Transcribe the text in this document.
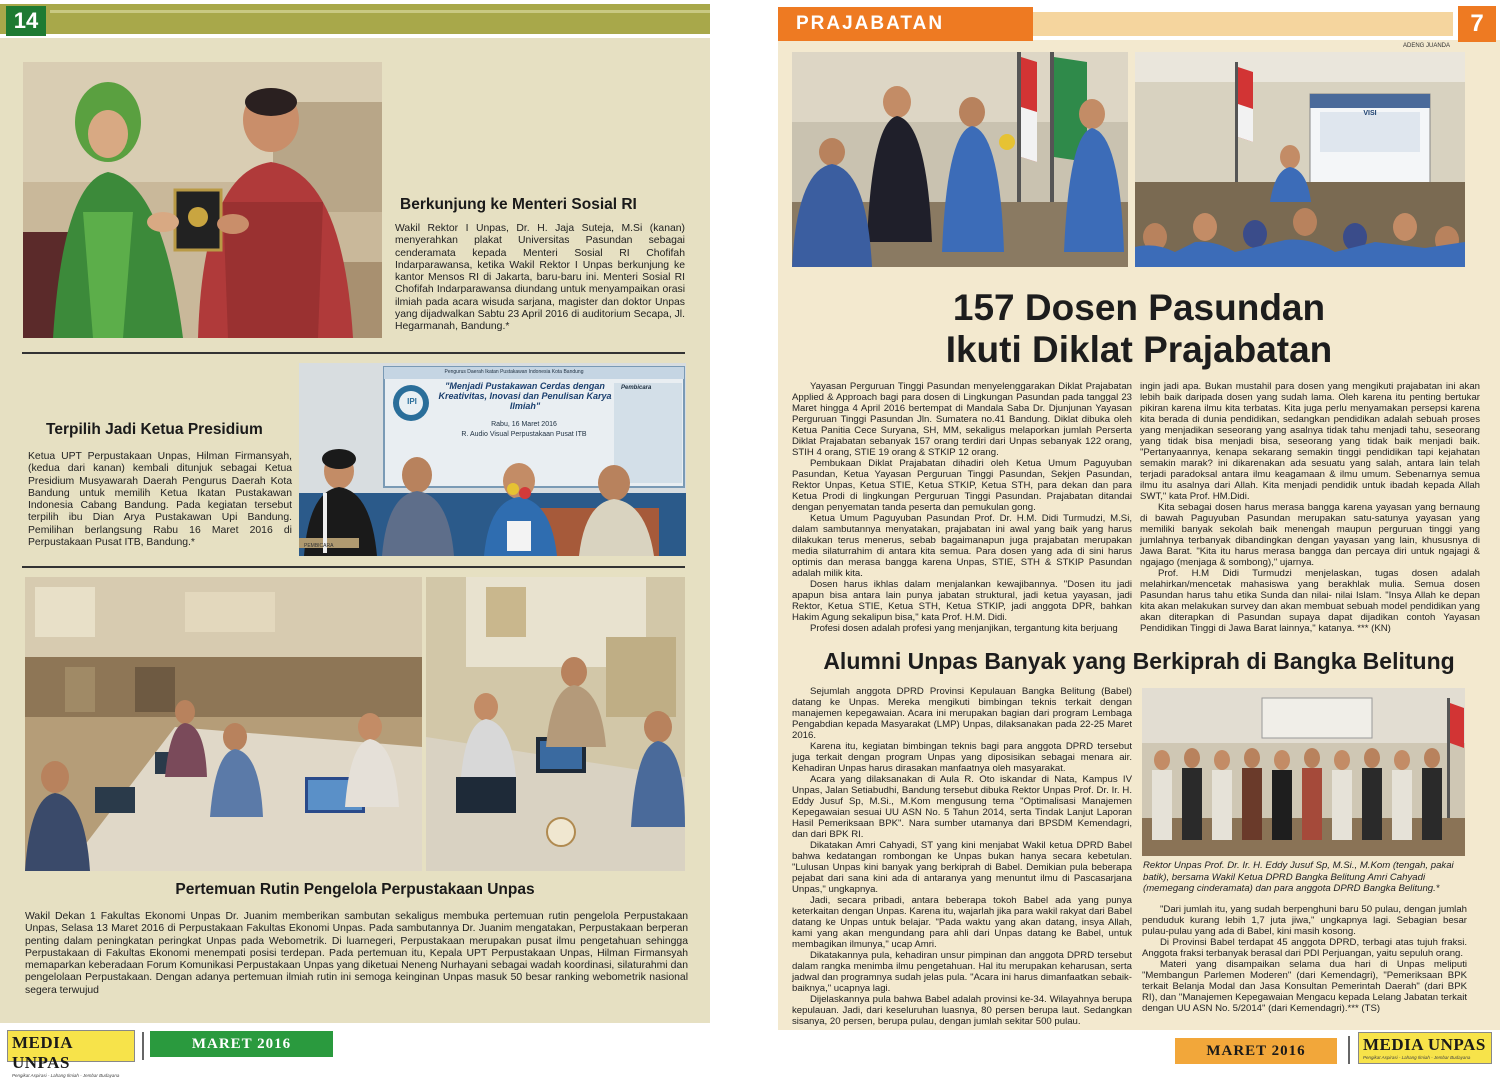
14
Berkunjung ke Menteri Sosial RI
Wakil Rektor I Unpas, Dr. H. Jaja Suteja, M.Si (kanan) menyerahkan plakat Universitas Pasundan sebagai cenderamata kepada Menteri Sosial RI Chofifah Indarparawansa, ketika Wakil Rektor I Unpas berkunjung ke kantor Mensos RI di Jakarta, baru-baru ini. Menteri Sosial RI Chofifah Indarparawansa diundang untuk menyampaikan orasi ilmiah pada acara wisuda sarjana, magister dan doktor Unpas yang dijadwalkan Sabtu 23 April 2016 di auditorium Secapa, Jl. Hegarmanah, Bandung.*
Terpilih Jadi Ketua Presidium
Ketua UPT Perpustakaan Unpas, Hilman Firmansyah, (kedua dari kanan) kembali ditunjuk sebagai Ketua Presidium Musyawarah Daerah Pengurus Daerah Kota Bandung untuk memilih Ketua Ikatan Pustakawan Indonesia Cabang Bandung. Pada kegiatan tersebut terpilih ibu Dian Arya Pustakawan Upi Bandung. Pemilihan berlangsung Rabu 16 Maret 2016 di Perpustakaan Pusat ITB, Bandung.*
Pengurus Daerah Ikatan Pustakawan Indonesia Kota Bandung
IPI
"Menjadi Pustakawan Cerdas dengan Kreativitas, Inovasi dan Penulisan Karya Ilmiah"
Rabu, 16 Maret 2016
R. Audio Visual Perpustakaan Pusat ITB
Pembicara
PEMBICARA
Pertemuan Rutin Pengelola Perpustakaan Unpas
Wakil Dekan 1 Fakultas Ekonomi Unpas Dr. Juanim memberikan sambutan sekaligus membuka pertemuan rutin pengelola Perpustakaan Unpas, Selasa 13 Maret 2016 di Perpustakaan Fakultas Ekonomi Unpas. Pada sambutannya Dr. Juanim mengatakan, Perpustakaan berperan penting dalam peningkatan peringkat Unpas pada Webometrik. Di luarnegeri, Perpustakaan merupakan pusat ilmu pengetahuan sehingga Perpustakaan di Fakultas Ekonomi menempati posisi terdepan. Pada pertemuan itu, Kepala UPT Perpustakaan Unpas, Hilman Firmansyah memaparkan keberadaan Forum Komunikasi Perpustakaan Unpas yang diketuai Neneng Nurhayani sebagai wadah koordinasi, silaturahmi dan pengelolaan Perpustakaan. Dengan adanya pertemuan ilmiah rutin ini semoga keinginan Unpas masuk 50 besar ranking webometrik nasional segera terwujud
MEDIA UNPAS
Pengikat Aspirasi - Lahang Ilmiah - Jembar Budayana
MARET 2016
PRAJABATAN	7
ADENG JUANDA
VISI
157 Dosen Pasundan
Ikuti Diklat Prajabatan

Yayasan Perguruan Tinggi Pasundan menyelenggarakan Diklat Prajabatan Applied & Approach bagi para dosen di Lingkungan Pasundan pada tanggal 23 Maret hingga 4 April 2016 bertempat di Mandala Saba Dr. Djunjunan Yayasan Perguruan Tinggi Pasundan Jln. Sumatera no.41 Bandung. Diklat dibuka oleh Ketua Panitia Cece Suryana, SH, MM, sekaligus melaporkan jumlah Perserta Diklat Prajabatan sebanyak 157 orang terdiri dari Unpas sebanyak 122 orang, STIH 4 orang, STIE 19 orang & STKIP 12 orang.

Pembukaan Diklat Prajabatan dihadiri oleh Ketua Umum Paguyuban Pasundan, Ketua Yayasan Perguruan Tinggi Pasundan, Sekjen Pasundan, Rektor Unpas, Ketua STIE, Ketua STKIP, Ketua STH, para dekan dan para Ketua Prodi di lingkungan Perguruan Tinggi Pasundan. Prajabatan ditandai dengan penyematan tanda peserta dan pemukulan gong.

Ketua Umum Paguyuban Pasundan Prof. Dr. H.M. Didi Turmudzi, M.Si, dalam sambutannya menyatakan, prajabatan ini awal yang baik yang harus dilakukan terus menerus, sebab bagaimanapun juga prajabatan merupakan media silaturrahim di antara kita semua. Para dosen yang ada di sini harus optimis dan merasa bangga karena Unpas, STIE, STH & STKIP Pasundan adalah milik kita.

Dosen harus ikhlas dalam menjalankan kewajibannya. "Dosen itu jadi apapun bisa antara lain punya jabatan struktural, jadi ketua yayasan, jadi Rektor, Ketua STIE, Ketua STH, Ketua STKIP, jadi anggota DPR, bahkan Hakim Agung sekalipun bisa," kata Prof. H.M. Didi.

Profesi dosen adalah profesi yang menjanjikan, tergantung kita berjuang

ingin jadi apa. Bukan mustahil para dosen yang mengikuti prajabatan ini akan lebih baik daripada dosen yang sudah lama. Oleh karena itu penting bertukar pikiran karena ilmu kita terbatas. Kita juga perlu menyamakan persepsi karena kita berada di dunia pendidikan, sedangkan pendidikan adalah sebuah proses yang menjadikan seseorang yang asalnya tidak tahu menjadi tahu, seseorang yang tidak bisa menjadi bisa, seseorang yang tidak baik menjadi baik. "Pertanyaannya, kenapa sekarang semakin tinggi pendidikan tapi kejahatan semakin marak? ini dikarenakan ada sesuatu yang salah, antara lain telah terjadi paradoksal antara ilmu keagamaan & ilmu umum. Sebenarnya semua ilmu itu asalnya dari Allah. Kita menjadi pendidik untuk ibadah kepada Allah SWT," kata Prof. HM.Didi.

Kita sebagai dosen harus merasa bangga karena yayasan yang bernaung di bawah Paguyuban Pasundan merupakan satu-satunya yayasan yang memiliki banyak sekolah baik menengah maupun perguruan tinggi yang jumlahnya terbanyak dibandingkan dengan yayasan yang lain, khususnya di Jawa Barat. "Kita itu harus merasa bangga dan percaya diri untuk ngajagi & ngajago (menjaga & sombong)," ujarnya.

Prof. H.M Didi Turmudzi menjelaskan, tugas dosen adalah melahirkan/mencetak mahasiswa yang berakhlak mulia. Semua dosen Pasundan harus tahu etika Sunda dan nilai- nilai Islam. "Insya Allah ke depan kita akan melakukan survey dan akan membuat sebuah model pendidikan yang akan diterapkan di Pasundan supaya dapat dijadikan contoh Yayasan Pendidikan Tinggi di Jawa Barat lainnya," katanya. *** (KN)

Alumni Unpas Banyak yang Berkiprah di Bangka Belitung

Sejumlah anggota DPRD Provinsi Kepulauan Bangka Belitung (Babel) datang ke Unpas. Mereka mengikuti bimbingan teknis terkait dengan manajemen kepegawaian. Acara ini merupakan bagian dari program Lembaga Pengabdian kepada Masyarakat (LMP) Unpas, dilaksanakan pada 22-25 Maret 2016.

Karena itu, kegiatan bimbingan teknis bagi para anggota DPRD tersebut juga terkait dengan program Unpas yang diposisikan sebagai menara air. Kehadiran Unpas harus dirasakan manfaatnya oleh masyarakat.

Acara yang dilaksanakan di Aula R. Oto iskandar di Nata, Kampus IV Unpas, Jalan Setiabudhi, Bandung tersebut dibuka Rektor Unpas Prof. Dr. Ir. H. Eddy Jusuf Sp, M.Si., M.Kom mengusung tema "Optimalisasi Manajemen Kepegawaian sesuai UU ASN No. 5 Tahun 2014, serta Tindak Lanjut Laporan Hasil Pemeriksaan BPK". Nara sumber utamanya dari BPSDM Kemendagri, dan dari BPK RI.

Dikatakan Amri Cahyadi, ST yang kini menjabat Wakil ketua DPRD Babel bahwa kedatangan rombongan ke Unpas bukan hanya secara kebetulan. "Lulusan Unpas kini banyak yang berkiprah di Babel. Demikian pula beberapa pejabat dari sana kini ada di antaranya yang menuntut ilmu di Pascasarjana Unpas," ungkapnya.

Jadi, secara pribadi, antara beberapa tokoh Babel ada yang punya keterkaitan dengan Unpas. Karena itu, wajarlah jika para wakil rakyat dari Babel datang ke Unpas untuk belajar. "Pada waktu yang akan datang, insya Allah, kami yang akan mengundang para ahli dari Unpas datang ke Babel, untuk membagikan ilmunya," ucap Amri.

Dikatakannya pula, kehadiran unsur pimpinan dan anggota DPRD tersebut dalam rangka menimba ilmu pengetahuan. Hal itu merupakan keharusan, serta jadwal dan programnya sudah jelas pula. "Acara ini harus dimanfaatkan sebaik-baiknya," ucapnya lagi.

Dijelaskannya pula bahwa Babel adalah provinsi ke-34. Wilayahnya berupa kepulauan. Jadi, dari keseluruhan luasnya, 80 persen berupa laut. Sedangkan sisanya, 20 persen, berupa pulau, dengan jumlah sekitar 500 pulau.

Rektor Unpas Prof. Dr. Ir. H. Eddy Jusuf Sp, M.Si., M.Kom (tengah, pakai batik), bersama Wakil Ketua DPRD Bangka Belitung Amri Cahyadi (memegang cinderamata) dan para anggota DPRD Bangka Belitung.*

"Dari jumlah itu, yang sudah berpenghuni baru 50 pulau, dengan jumlah penduduk kurang lebih 1,7 juta jiwa," ungkapnya lagi. Sebagian besar pulau-pulau yang ada di Babel, kini masih kosong.

Di Provinsi Babel terdapat 45 anggota DPRD, terbagi atas tujuh fraksi. Anggota fraksi terbanyak berasal dari PDI Perjuangan, yaitu sepuluh orang.

Materi yang disampaikan selama dua hari di Unpas meliputi "Membangun Parlemen Moderen" (dari Kemendagri), "Pemeriksaan BPK terkait Belanja Modal dan Jasa Konsultan Pemerintah Daerah" (dari BPK RI), dan "Manajemen Kepegawaian Mengacu kepada Lelang Jabatan terkait dengan UU ASN No. 5/2014" (dari Kemendagri).*** (TS)

MARET 2016	MEDIA UNPAS
Pengikat Aspirasi - Lahang Ilmiah - Jembar Budayana
